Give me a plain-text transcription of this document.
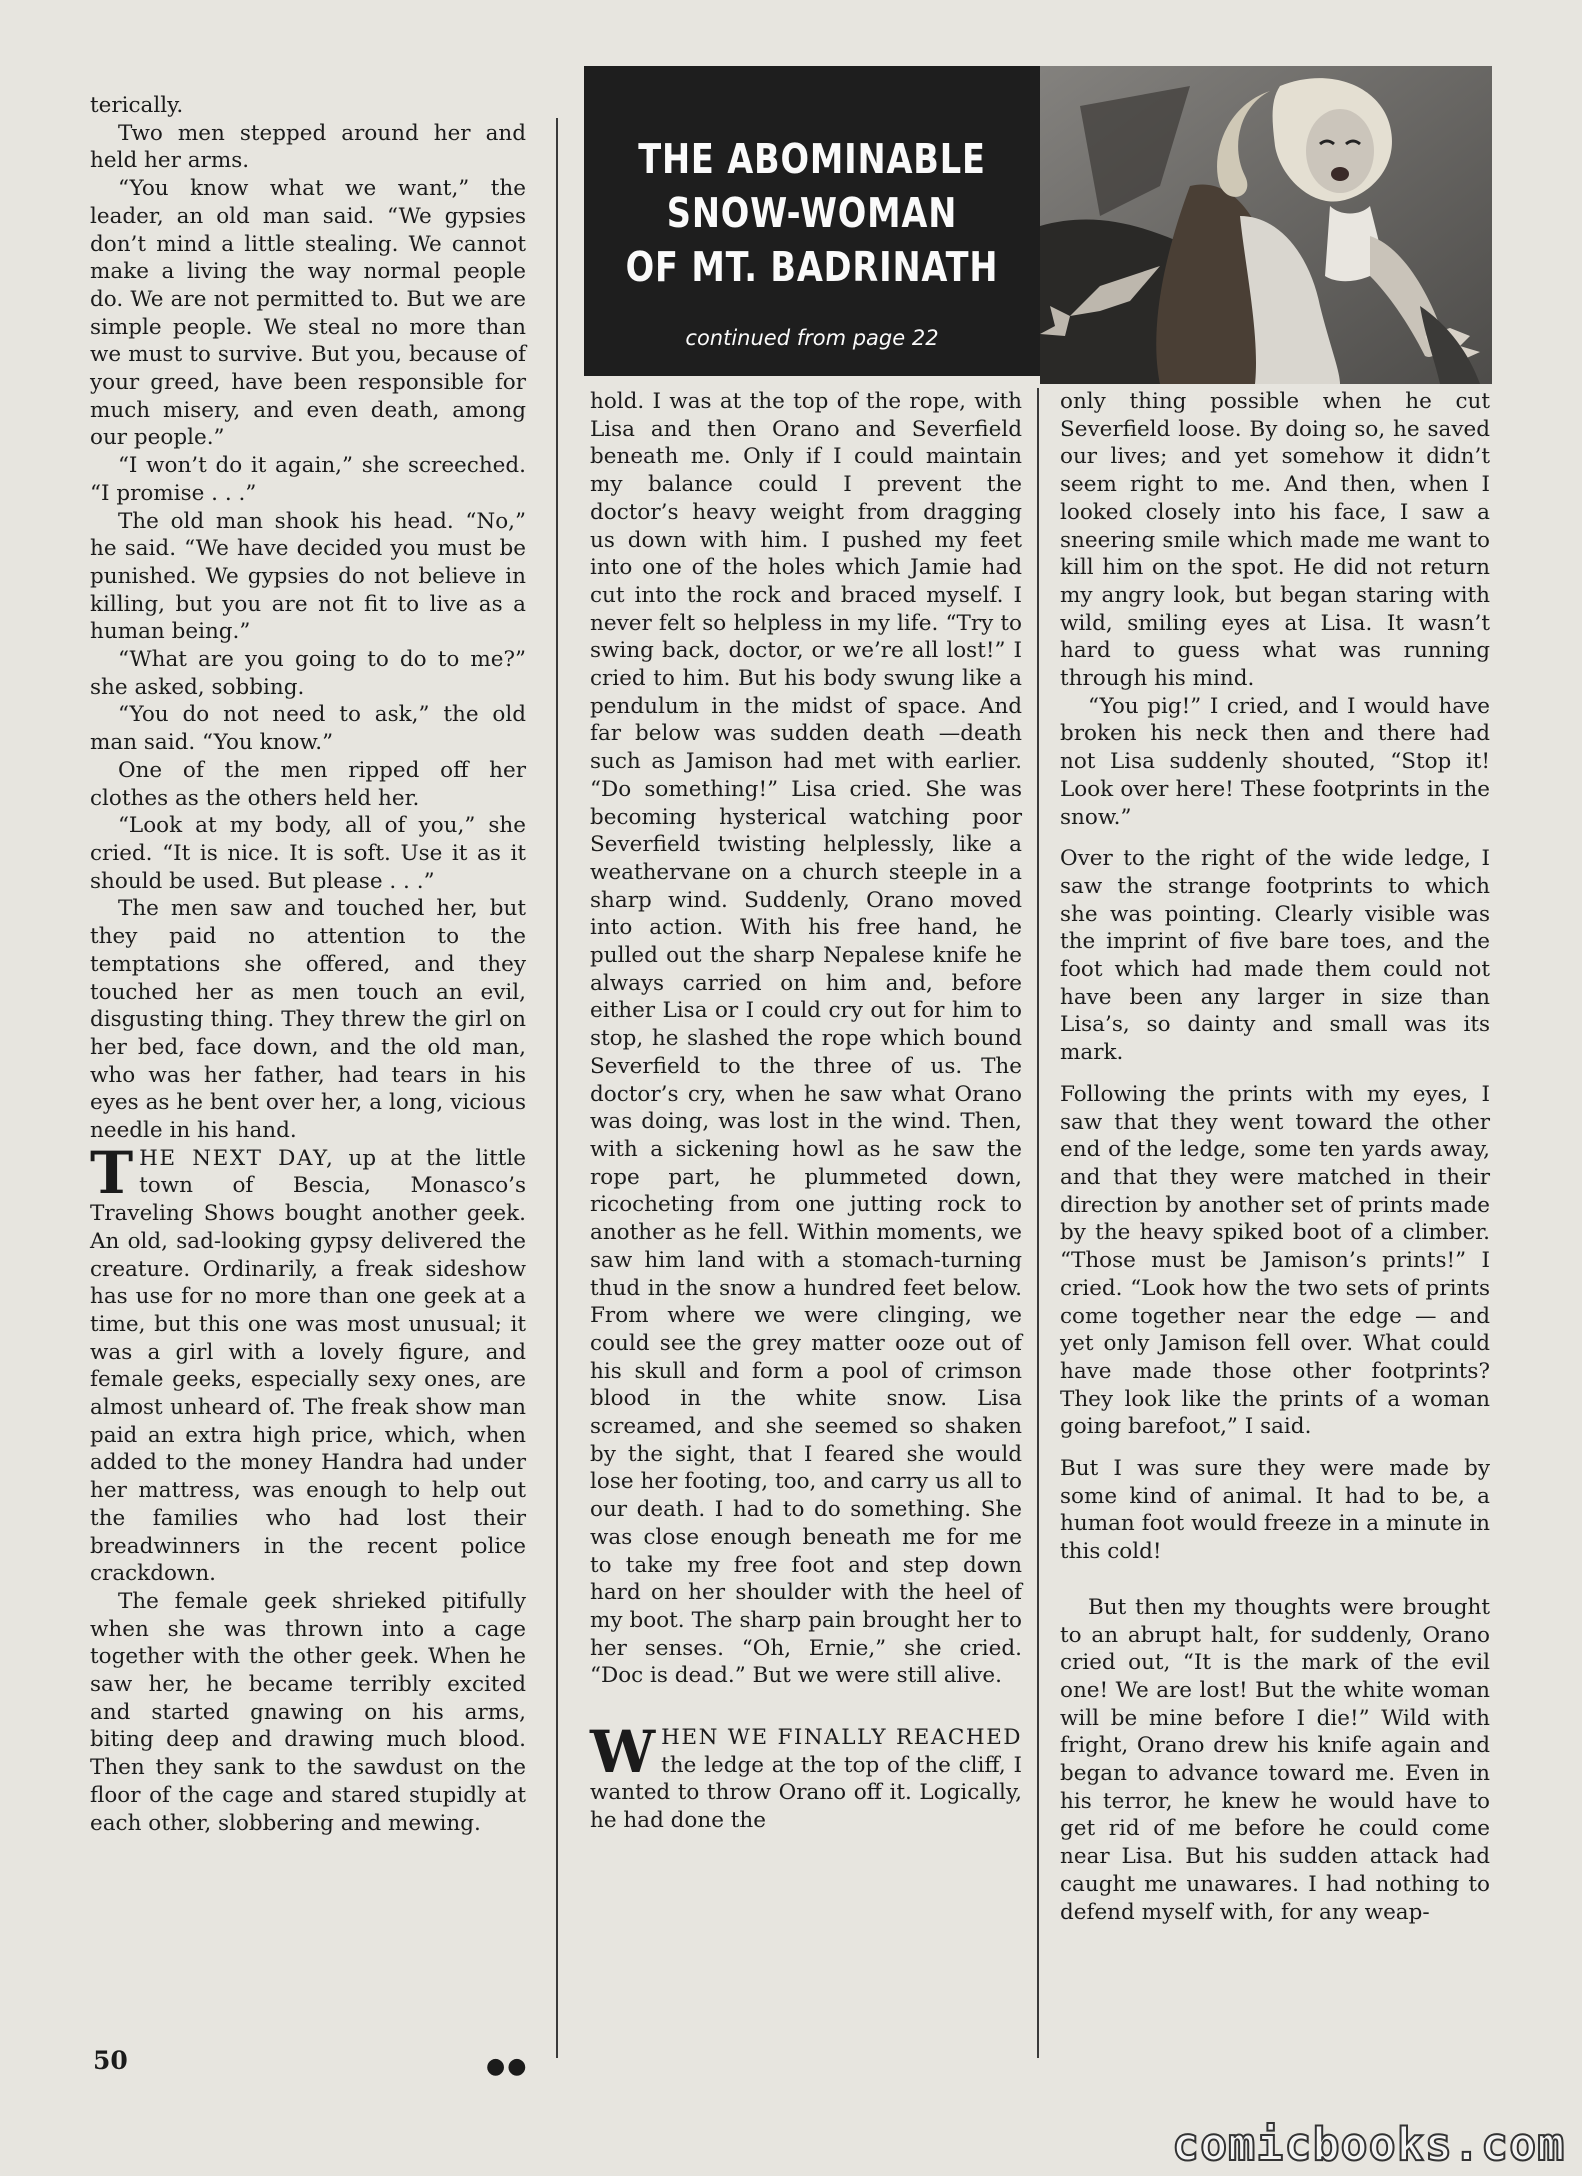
THE ABOMINABLE
SNOW-WOMAN
OF MT. BADRINATH
continued from page 22

terically.

Two men stepped around her and held her arms.

“You know what we want,” the leader, an old man said. “We gypsies don’t mind a little stealing. We cannot make a living the way normal people do. We are not permitted to. But we are simple people. We steal no more than we must to survive. But you, because of your greed, have been responsible for much misery, and even death, among our people.”

“I won’t do it again,” she screeched. “I promise . . .”

The old man shook his head. “No,” he said. “We have decided you must be punished. We gypsies do not believe in killing, but you are not fit to live as a human being.”

“What are you going to do to me?” she asked, sobbing.

“You do not need to ask,” the old man said. “You know.”

One of the men ripped off her clothes as the others held her.

“Look at my body, all of you,” she cried. “It is nice. It is soft. Use it as it should be used. But please . . .”

The men saw and touched her, but they paid no attention to the temptations she offered, and they touched her as men touch an evil, disgusting thing. They threw the girl on her bed, face down, and the old man, who was her father, had tears in his eyes as he bent over her, a long, vicious needle in his hand.

THE NEXT DAY, up at the little town of Bescia, Monasco’s Traveling Shows bought another geek. An old, sad-looking gypsy delivered the creature. Ordinarily, a freak sideshow has use for no more than one geek at a time, but this one was most unusual; it was a girl with a lovely figure, and female geeks, especially sexy ones, are almost unheard of. The freak show man paid an extra high price, which, when added to the money Handra had under her mattress, was enough to help out the families who had lost their breadwinners in the recent police crackdown.

The female geek shrieked pitifully when she was thrown into a cage together with the other geek. When he saw her, he became terribly excited and started gnawing on his arms, biting deep and drawing much blood. Then they sank to the sawdust on the floor of the cage and stared stupidly at each other, slobbering and mewing.

hold. I was at the top of the rope, with Lisa and then Orano and Severfield beneath me. Only if I could maintain my balance could I prevent the doctor’s heavy weight from dragging us down with him. I pushed my feet into one of the holes which Jamie had cut into the rock and braced myself. I never felt so helpless in my life. “Try to swing back, doctor, or we’re all lost!” I cried to him. But his body swung like a pendulum in the midst of space. And far below was sudden death —death such as Jamison had met with earlier. “Do something!” Lisa cried. She was becoming hysterical watching poor Severfield twisting helplessly, like a weathervane on a church steeple in a sharp wind. Suddenly, Orano moved into action. With his free hand, he pulled out the sharp Nepalese knife he always carried on him and, before either Lisa or I could cry out for him to stop, he slashed the rope which bound Severfield to the three of us. The doctor’s cry, when he saw what Orano was doing, was lost in the wind. Then, with a sickening howl as he saw the rope part, he plummeted down, ricocheting from one jutting rock to another as he fell. Within moments, we saw him land with a stomach-turning thud in the snow a hundred feet below. From where we were clinging, we could see the grey matter ooze out of his skull and form a pool of crimson blood in the white snow. Lisa screamed, and she seemed so shaken by the sight, that I feared she would lose her footing, too, and carry us all to our death. I had to do something. She was close enough beneath me for me to take my free foot and step down hard on her shoulder with the heel of my boot. The sharp pain brought her to her senses. “Oh, Ernie,” she cried. “Doc is dead.” But we were still alive.

WHEN WE FINALLY REACHED the ledge at the top of the cliff, I wanted to throw Orano off it. Logically, he had done the

only thing possible when he cut Severfield loose. By doing so, he saved our lives; and yet somehow it didn’t seem right to me. And then, when I looked closely into his face, I saw a sneering smile which made me want to kill him on the spot. He did not return my angry look, but began staring with wild, smiling eyes at Lisa. It wasn’t hard to guess what was running through his mind.

“You pig!” I cried, and I would have broken his neck then and there had not Lisa suddenly shouted, “Stop it! Look over here! These footprints in the snow.”

Over to the right of the wide ledge, I saw the strange footprints to which she was pointing. Clearly visible was the imprint of five bare toes, and the foot which had made them could not have been any larger in size than Lisa’s, so dainty and small was its mark.

Following the prints with my eyes, I saw that they went toward the other end of the ledge, some ten yards away, and that they were matched in their direction by another set of prints made by the heavy spiked boot of a climber. “Those must be Jamison’s prints!” I cried. “Look how the two sets of prints come together near the edge — and yet only Jamison fell over. What could have made those other footprints? They look like the prints of a woman going barefoot,” I said.

But I was sure they were made by some kind of animal. It had to be, a human foot would freeze in a minute in this cold!

But then my thoughts were brought to an abrupt halt, for suddenly, Orano cried out, “It is the mark of the evil one! We are lost! But the white woman will be mine before I die!” Wild with fright, Orano drew his knife again and began to advance toward me. Even in his terror, he knew he would have to get rid of me before he could come near Lisa. But his sudden attack had caught me unawares. I had nothing to defend myself with, for any weap-

50	●●
comicbooks.com
